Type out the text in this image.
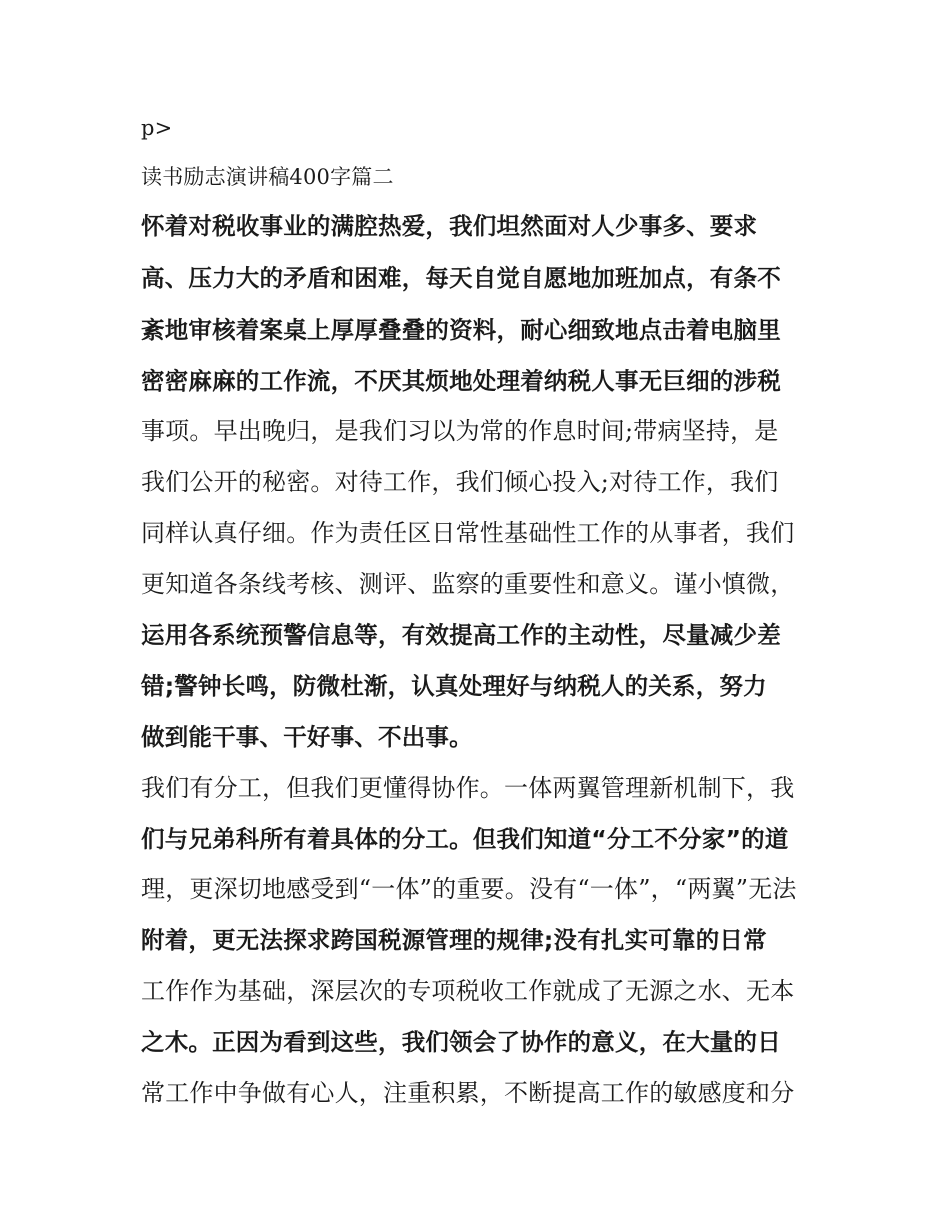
p>

读书励志演讲稿400字篇二

怀着对税收事业的满腔热爱，我们坦然面对人少事多、要求

高、压力大的矛盾和困难，每天自觉自愿地加班加点，有条不

紊地审核着案桌上厚厚叠叠的资料，耐心细致地点击着电脑里

密密麻麻的工作流，不厌其烦地处理着纳税人事无巨细的涉税

事项。早出晚归，是我们习以为常的作息时间;带病坚持，是

我们公开的秘密。对待工作，我们倾心投入;对待工作，我们

同样认真仔细。作为责任区日常性基础性工作的从事者，我们

更知道各条线考核、测评、监察的重要性和意义。谨小慎微，

运用各系统预警信息等，有效提高工作的主动性，尽量减少差

错;警钟长鸣，防微杜渐，认真处理好与纳税人的关系，努力

做到能干事、干好事、不出事。

我们有分工，但我们更懂得协作。一体两翼管理新机制下，我

们与兄弟科所有着具体的分工。但我们知道“分工不分家”的道

理，更深切地感受到“一体”的重要。没有“一体”，“两翼”无法

附着，更无法探求跨国税源管理的规律;没有扎实可靠的日常

工作作为基础，深层次的专项税收工作就成了无源之水、无本

之木。正因为看到这些，我们领会了协作的意义，在大量的日

常工作中争做有心人，注重积累，不断提高工作的敏感度和分
